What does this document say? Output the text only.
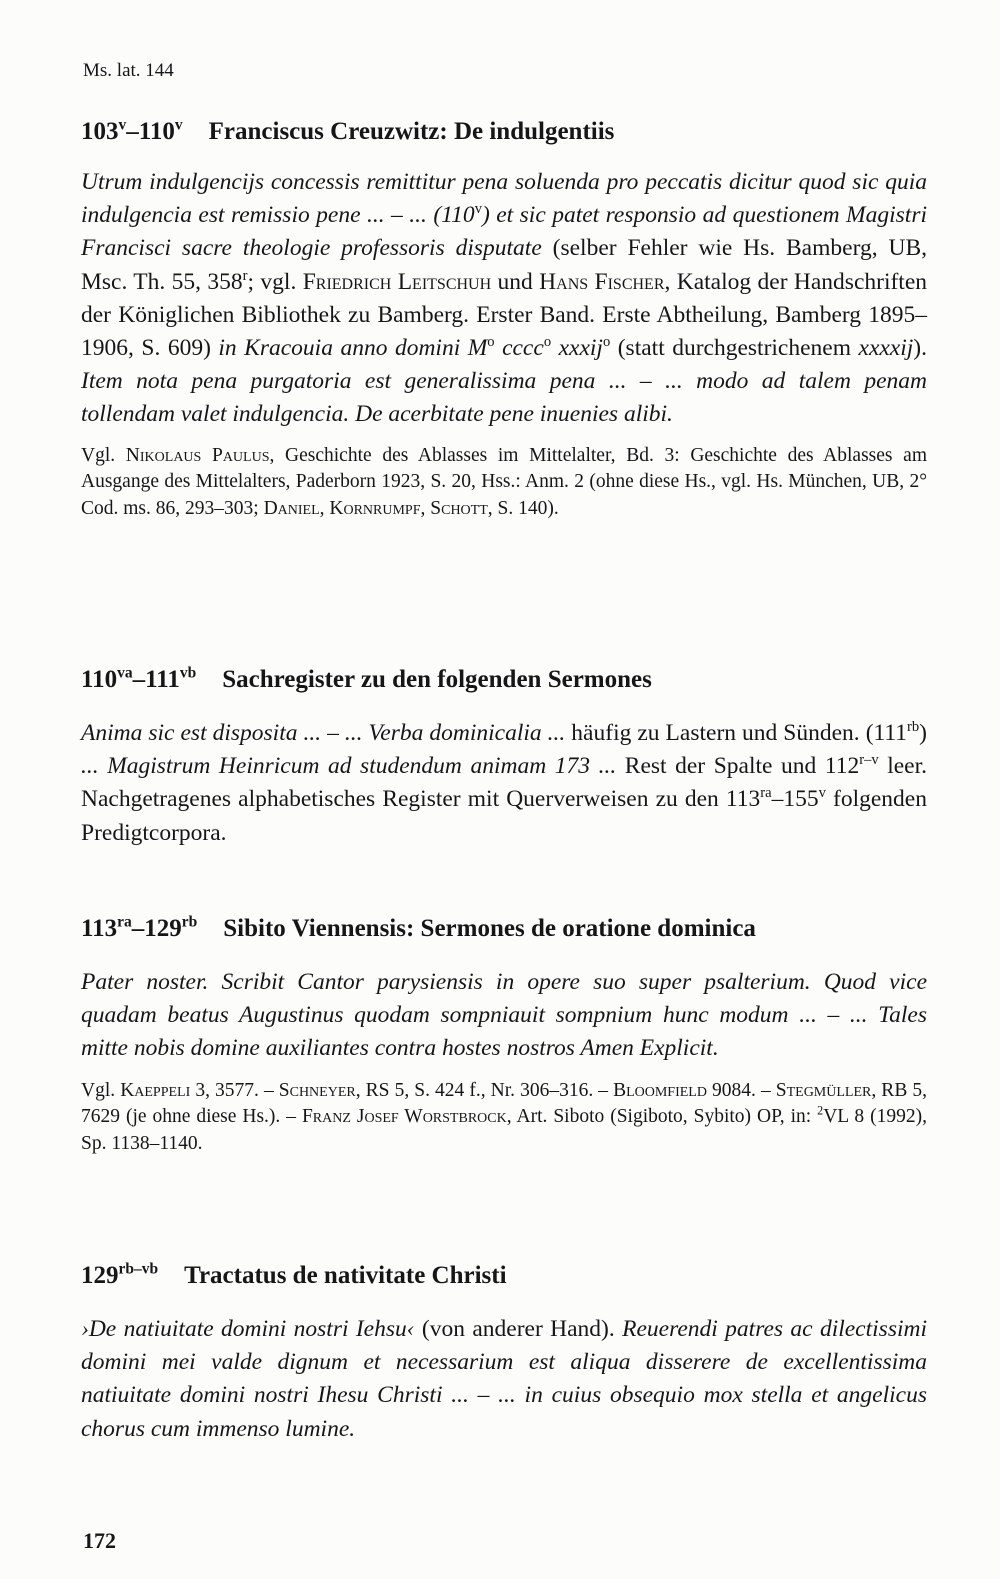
Ms. lat. 144
103$^v$–110$^v$ Franciscus Creuzwitz: De indulgentiis

Utrum indulgencijs concessis remittitur pena soluenda pro peccatis dicitur quod sic quia indulgencia est remissio pene ... – ... (110$^v$) et sic patet responsio ad questionem Magistri Francisci sacre theologie professoris disputate (selber Fehler wie Hs. Bamberg, UB, Msc. Th. 55, 358$^r$; vgl. Friedrich Leitschuh und Hans Fischer, Katalog der Handschriften der Königlichen Bibliothek zu Bamberg. Erster Band. Erste Abtheilung, Bamberg 1895–1906, S. 609) in Kracouia anno domini $M^o$ cccc$^o$ xxxij$^o$ (statt durchgestrichenem xxxxij). Item nota pena purgatoria est generalissima pena ... – ... modo ad talem penam tollendam valet indulgencia. De acerbitate pene inuenies alibi.

Vgl. Nikolaus Paulus, Geschichte des Ablasses im Mittelalter, Bd. 3: Geschichte des Ablasses am Ausgange des Mittelalters, Paderborn 1923, S. 20, Hss.: Anm. 2 (ohne diese Hs., vgl. Hs. München, UB, 2° Cod. ms. 86, 293–303; Daniel, Kornrumpf, Schott, S. 140).

$110^{va}-111^{vb}$ Sachregister zu den folgenden Sermones

Anima sic est disposita ... – ... Verba dominicalia ... häufig zu Lastern und Sünden. $(111^{rb})$ ... Magistrum Heinricum ad studendum animam 173 ... Rest der Spalte und 112$^{r-v}$ leer. Nachgetragenes alphabetisches Register mit Querverweisen zu den $113^{ra}-155^v$ folgenden Predigtcorpora.

$113^{ra}-129^{rb}$ Sibito Viennensis: Sermones de oratione dominica

Pater noster. Scribit Cantor parysiensis in opere suo super psalterium. Quod vice quadam beatus Augustinus quodam sompniauit sompnium hunc modum ... – ... Tales mitte nobis domine auxiliantes contra hostes nostros Amen Explicit.

Vgl. Kaeppeli 3, 3577. – Schneyer, RS 5, S. 424 f., Nr. 306–316. – Bloomfield 9084. – Stegmüller, RB 5, 7629 (je ohne diese Hs.). – Franz Josef Worstbrock, Art. Siboto (Sigiboto, Sybito) OP, in: $^2$VL 8 (1992), Sp. 1138–1140.

$129^{rb-vb}$ Tractatus de nativitate Christi

›De natiuitate domini nostri Iehsu‹ (von anderer Hand). Reuerendi patres ac dilectissimi domini mei valde dignum et necessarium est aliqua disserere de excellentissima natiuitate domini nostri Ihesu Christi ... – ... in cuius obsequio mox stella et angelicus chorus cum immenso lumine.

172
